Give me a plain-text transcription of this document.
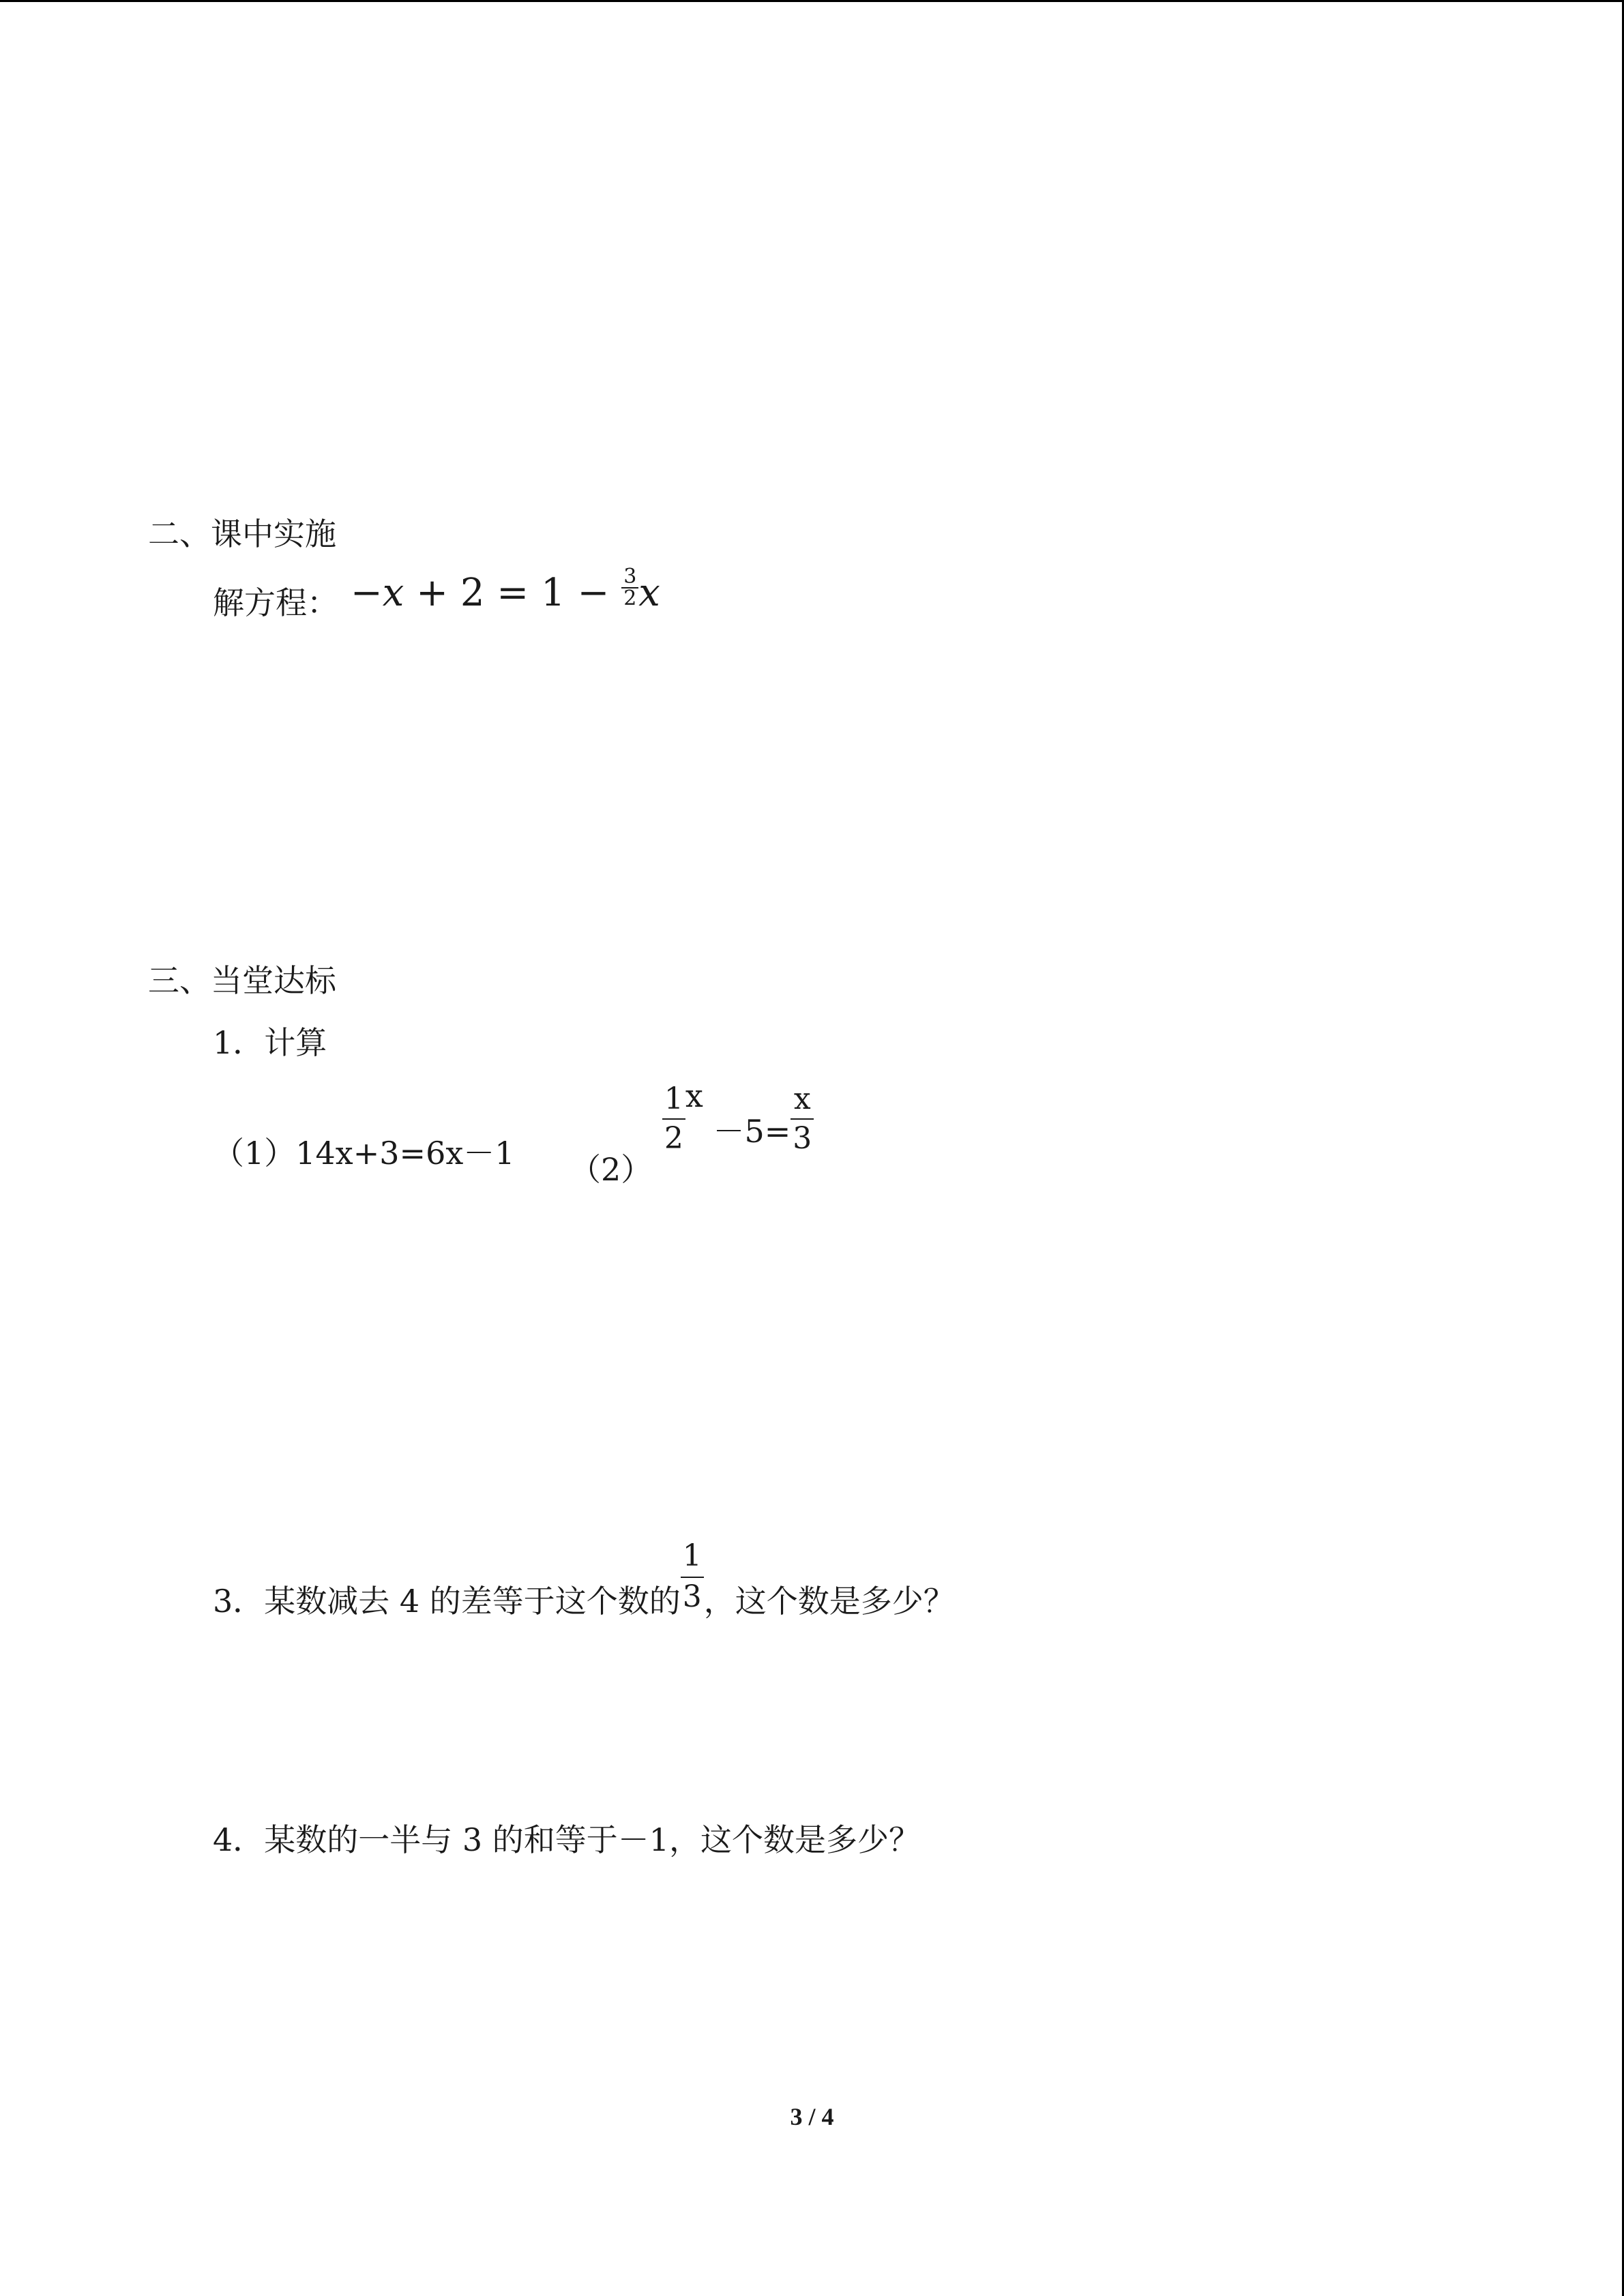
二、课中实施
解方程： $-x + 2 = 1 - \frac{3}{2}$ x
三、当堂达标
1．计算
（1）14x+3=6x－1 （2）
$\frac{1}{2}$ $x -5= \frac{x}{3}$
3．某数减去 4 的差等于这个数的 $\frac{1}{3}$ ，这个数是多少？
4．某数的一半与 3 的和等于－1，这个数是多少？
3 / 4
